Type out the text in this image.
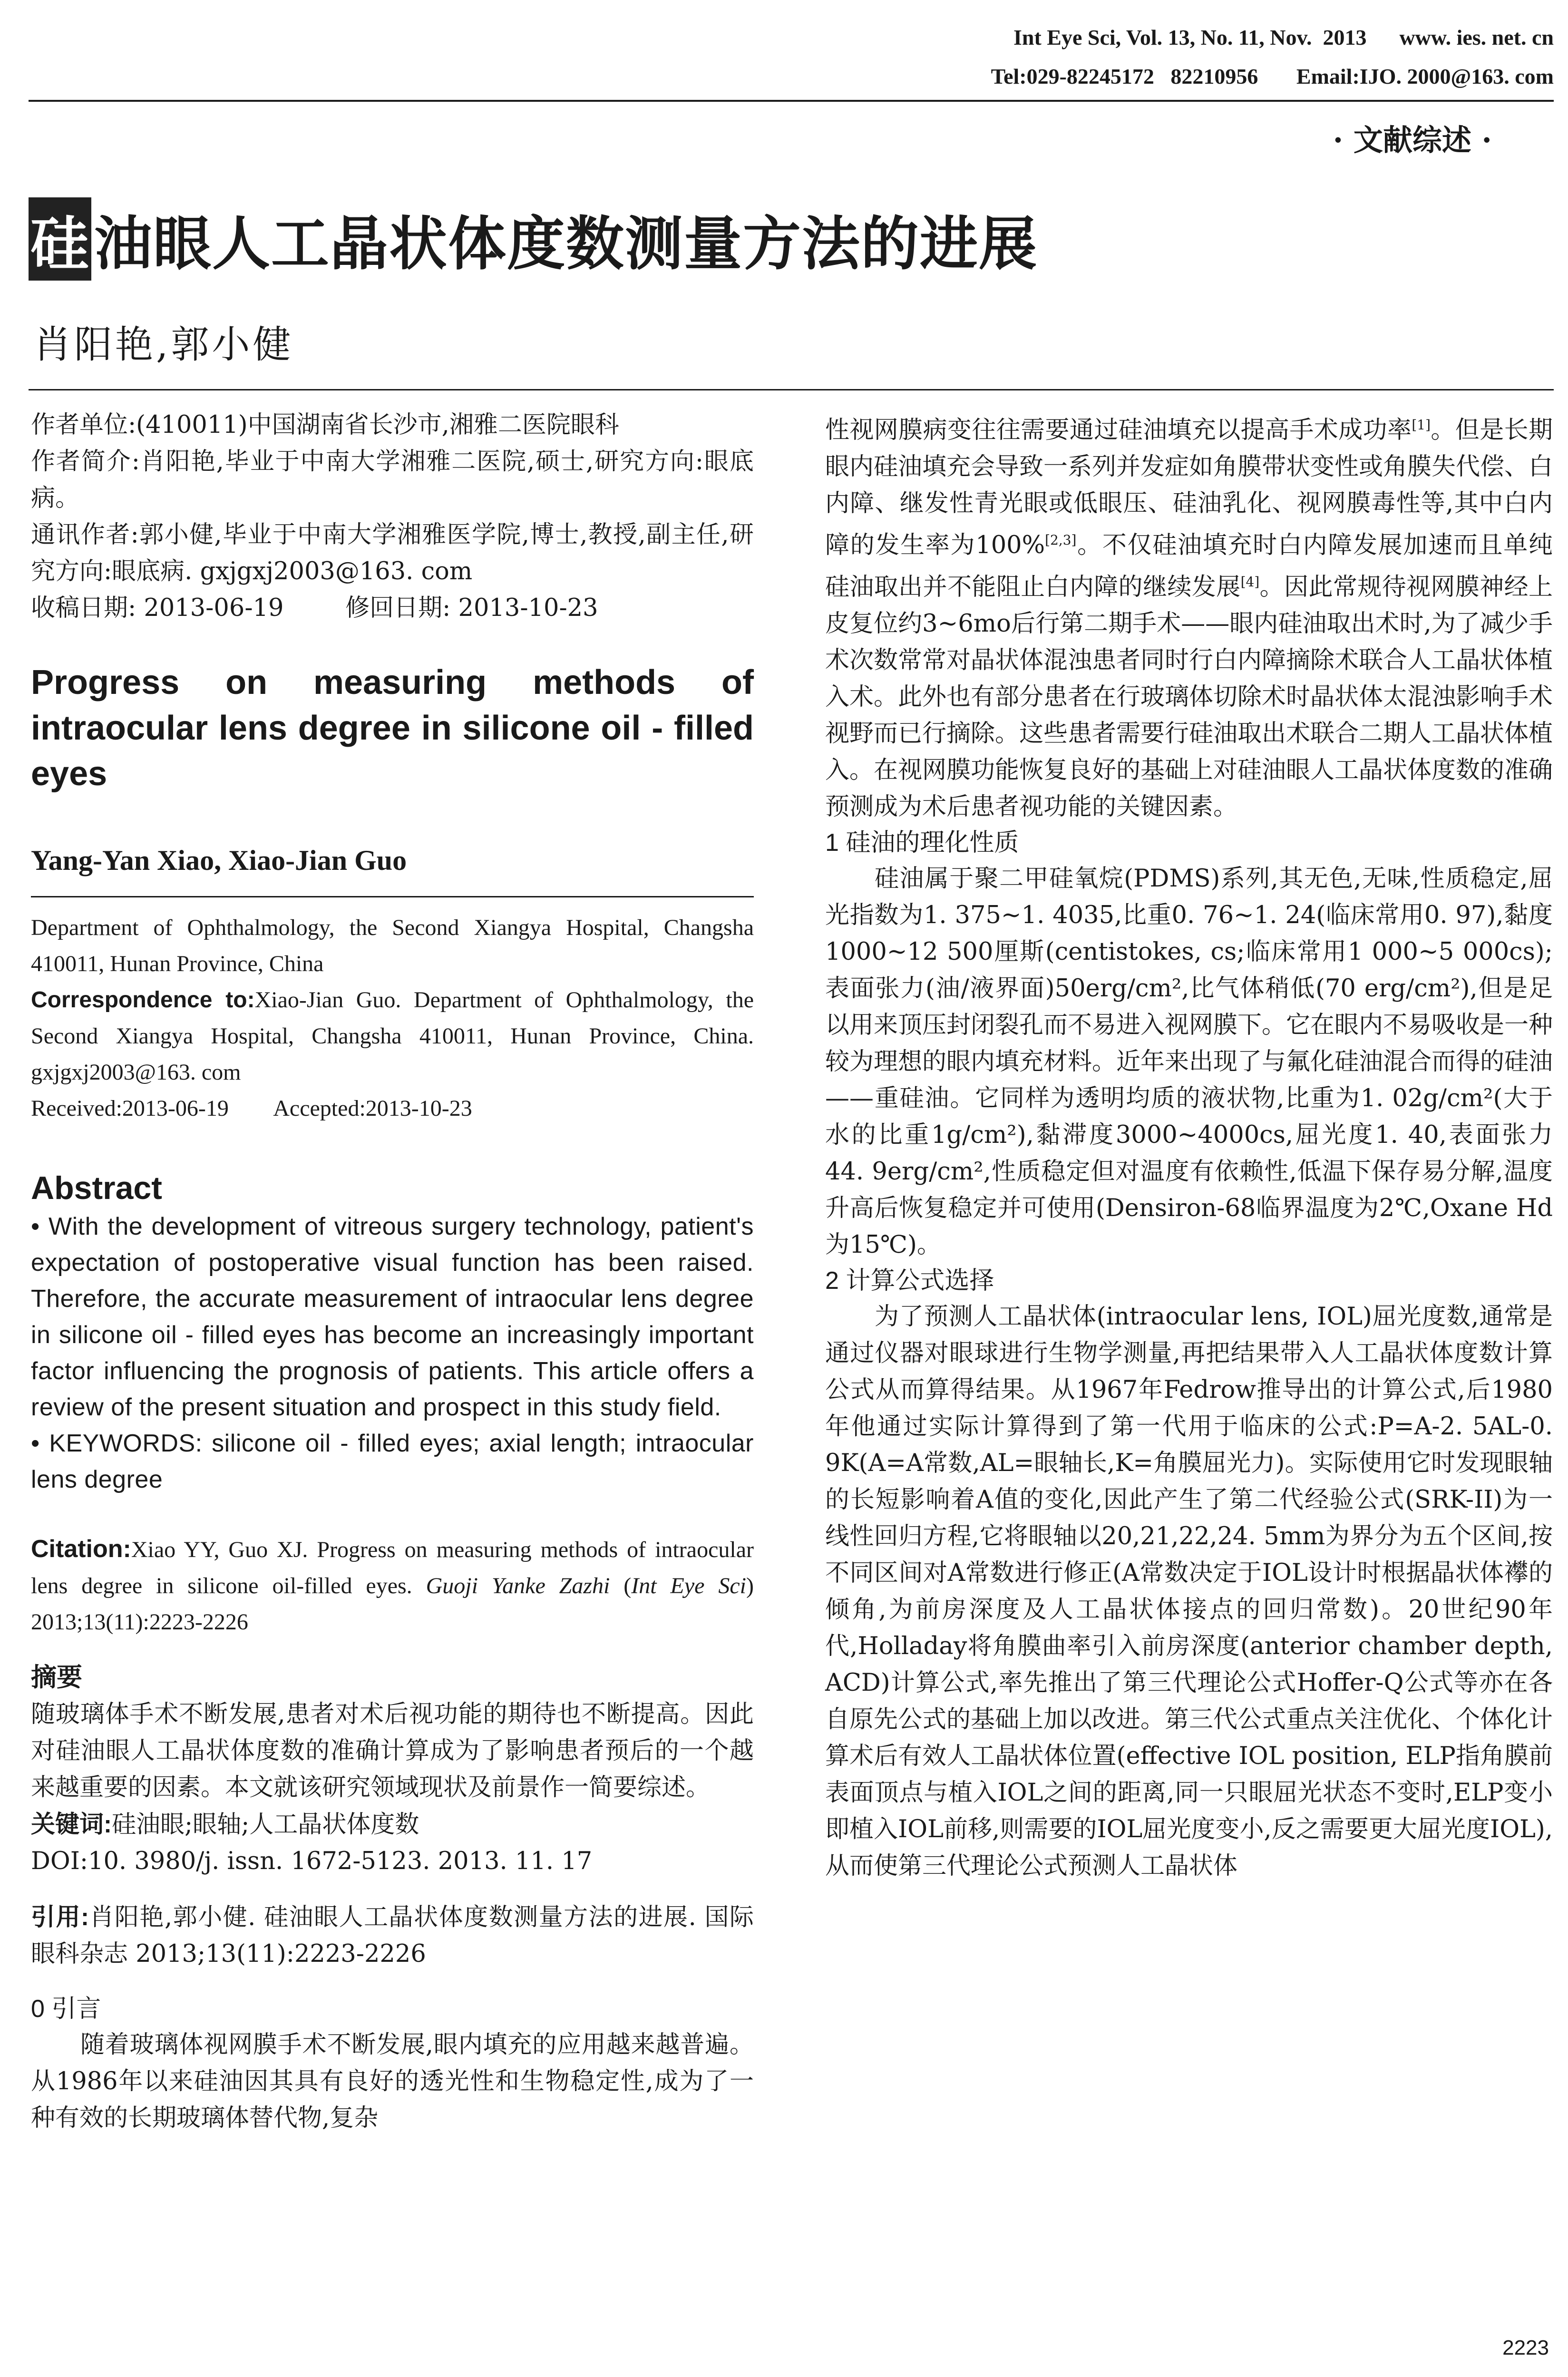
Int Eye Sci, Vol. 13, No. 11, Nov.  2013      www. ies. net. cn
Tel:029-82245172   82210956       Email:IJO. 2000@163. com
· 文献综述 ·
硅油眼人工晶状体度数测量方法的进展
肖阳艳,郭小健

作者单位:(410011)中国湖南省长沙市,湘雅二医院眼科

作者简介:肖阳艳,毕业于中南大学湘雅二医院,硕士,研究方向:眼底病。

通讯作者:郭小健,毕业于中南大学湘雅医学院,博士,教授,副主任,研究方向:眼底病. gxjgxj2003@163. com

收稿日期: 2013-06-19        修回日期: 2013-10-23

Progress on measuring methods of intraocular lens degree in silicone oil - filled eyes

Yang-Yan Xiao, Xiao-Jian Guo

Department of Ophthalmology, the Second Xiangya Hospital, Changsha 410011, Hunan Province, China

Correspondence to:Xiao-Jian Guo. Department of Ophthalmology, the Second Xiangya Hospital, Changsha 410011, Hunan Province, China. gxjgxj2003@163. com

Received:2013-06-19        Accepted:2013-10-23

Abstract

• With the development of vitreous surgery technology, patient's expectation of postoperative visual function has been raised. Therefore, the accurate measurement of intraocular lens degree in silicone oil - filled eyes has become an increasingly important factor influencing the prognosis of patients. This article offers a review of the present situation and prospect in this study field.

• KEYWORDS: silicone oil - filled eyes; axial length; intraocular lens degree

Citation:Xiao YY, Guo XJ. Progress on measuring methods of intraocular lens degree in silicone oil-filled eyes. Guoji Yanke Zazhi (Int Eye Sci) 2013;13(11):2223-2226

摘要

随玻璃体手术不断发展,患者对术后视功能的期待也不断提高。因此对硅油眼人工晶状体度数的准确计算成为了影响患者预后的一个越来越重要的因素。本文就该研究领域现状及前景作一简要综述。

关键词:硅油眼;眼轴;人工晶状体度数

DOI:10. 3980/j. issn. 1672-5123. 2013. 11. 17

引用:肖阳艳,郭小健. 硅油眼人工晶状体度数测量方法的进展. 国际眼科杂志 2013;13(11):2223-2226

0 引言

随着玻璃体视网膜手术不断发展,眼内填充的应用越来越普遍。从1986年以来硅油因其具有良好的透光性和生物稳定性,成为了一种有效的长期玻璃体替代物,复杂

性视网膜病变往往需要通过硅油填充以提高手术成功率[1]。但是长期眼内硅油填充会导致一系列并发症如角膜带状变性或角膜失代偿、白内障、继发性青光眼或低眼压、硅油乳化、视网膜毒性等,其中白内障的发生率为100%[2,3]。不仅硅油填充时白内障发展加速而且单纯硅油取出并不能阻止白内障的继续发展[4]。因此常规待视网膜神经上皮复位约3~6mo后行第二期手术——眼内硅油取出术时,为了减少手术次数常常对晶状体混浊患者同时行白内障摘除术联合人工晶状体植入术。此外也有部分患者在行玻璃体切除术时晶状体太混浊影响手术视野而已行摘除。这些患者需要行硅油取出术联合二期人工晶状体植入。在视网膜功能恢复良好的基础上对硅油眼人工晶状体度数的准确预测成为术后患者视功能的关键因素。

1 硅油的理化性质

硅油属于聚二甲硅氧烷(PDMS)系列,其无色,无味,性质稳定,屈光指数为1. 375~1. 4035,比重0. 76~1. 24(临床常用0. 97),黏度1000~12 500厘斯(centistokes, cs;临床常用1 000~5 000cs);表面张力(油/液界面)50erg/cm²,比气体稍低(70 erg/cm²),但是足以用来顶压封闭裂孔而不易进入视网膜下。它在眼内不易吸收是一种较为理想的眼内填充材料。近年来出现了与氟化硅油混合而得的硅油——重硅油。它同样为透明均质的液状物,比重为1. 02g/cm²(大于水的比重1g/cm²),黏滞度3000~4000cs,屈光度1. 40,表面张力44. 9erg/cm²,性质稳定但对温度有依赖性,低温下保存易分解,温度升高后恢复稳定并可使用(Densiron-68临界温度为2℃,Oxane Hd为15℃)。

2 计算公式选择

为了预测人工晶状体(intraocular lens, IOL)屈光度数,通常是通过仪器对眼球进行生物学测量,再把结果带入人工晶状体度数计算公式从而算得结果。从1967年Fedrow推导出的计算公式,后1980年他通过实际计算得到了第一代用于临床的公式:P=A-2. 5AL-0. 9K(A=A常数,AL=眼轴长,K=角膜屈光力)。实际使用它时发现眼轴的长短影响着A值的变化,因此产生了第二代经验公式(SRK-II)为一线性回归方程,它将眼轴以20,21,22,24. 5mm为界分为五个区间,按不同区间对A常数进行修正(A常数决定于IOL设计时根据晶状体襻的倾角,为前房深度及人工晶状体接点的回归常数)。20世纪90年代,Holladay将角膜曲率引入前房深度(anterior chamber depth, ACD)计算公式,率先推出了第三代理论公式Hoffer-Q公式等亦在各自原先公式的基础上加以改进。第三代公式重点关注优化、个体化计算术后有效人工晶状体位置(effective IOL position, ELP指角膜前表面顶点与植入IOL之间的距离,同一只眼屈光状态不变时,ELP变小即植入IOL前移,则需要的IOL屈光度变小,反之需要更大屈光度IOL),从而使第三代理论公式预测人工晶状体

2223
